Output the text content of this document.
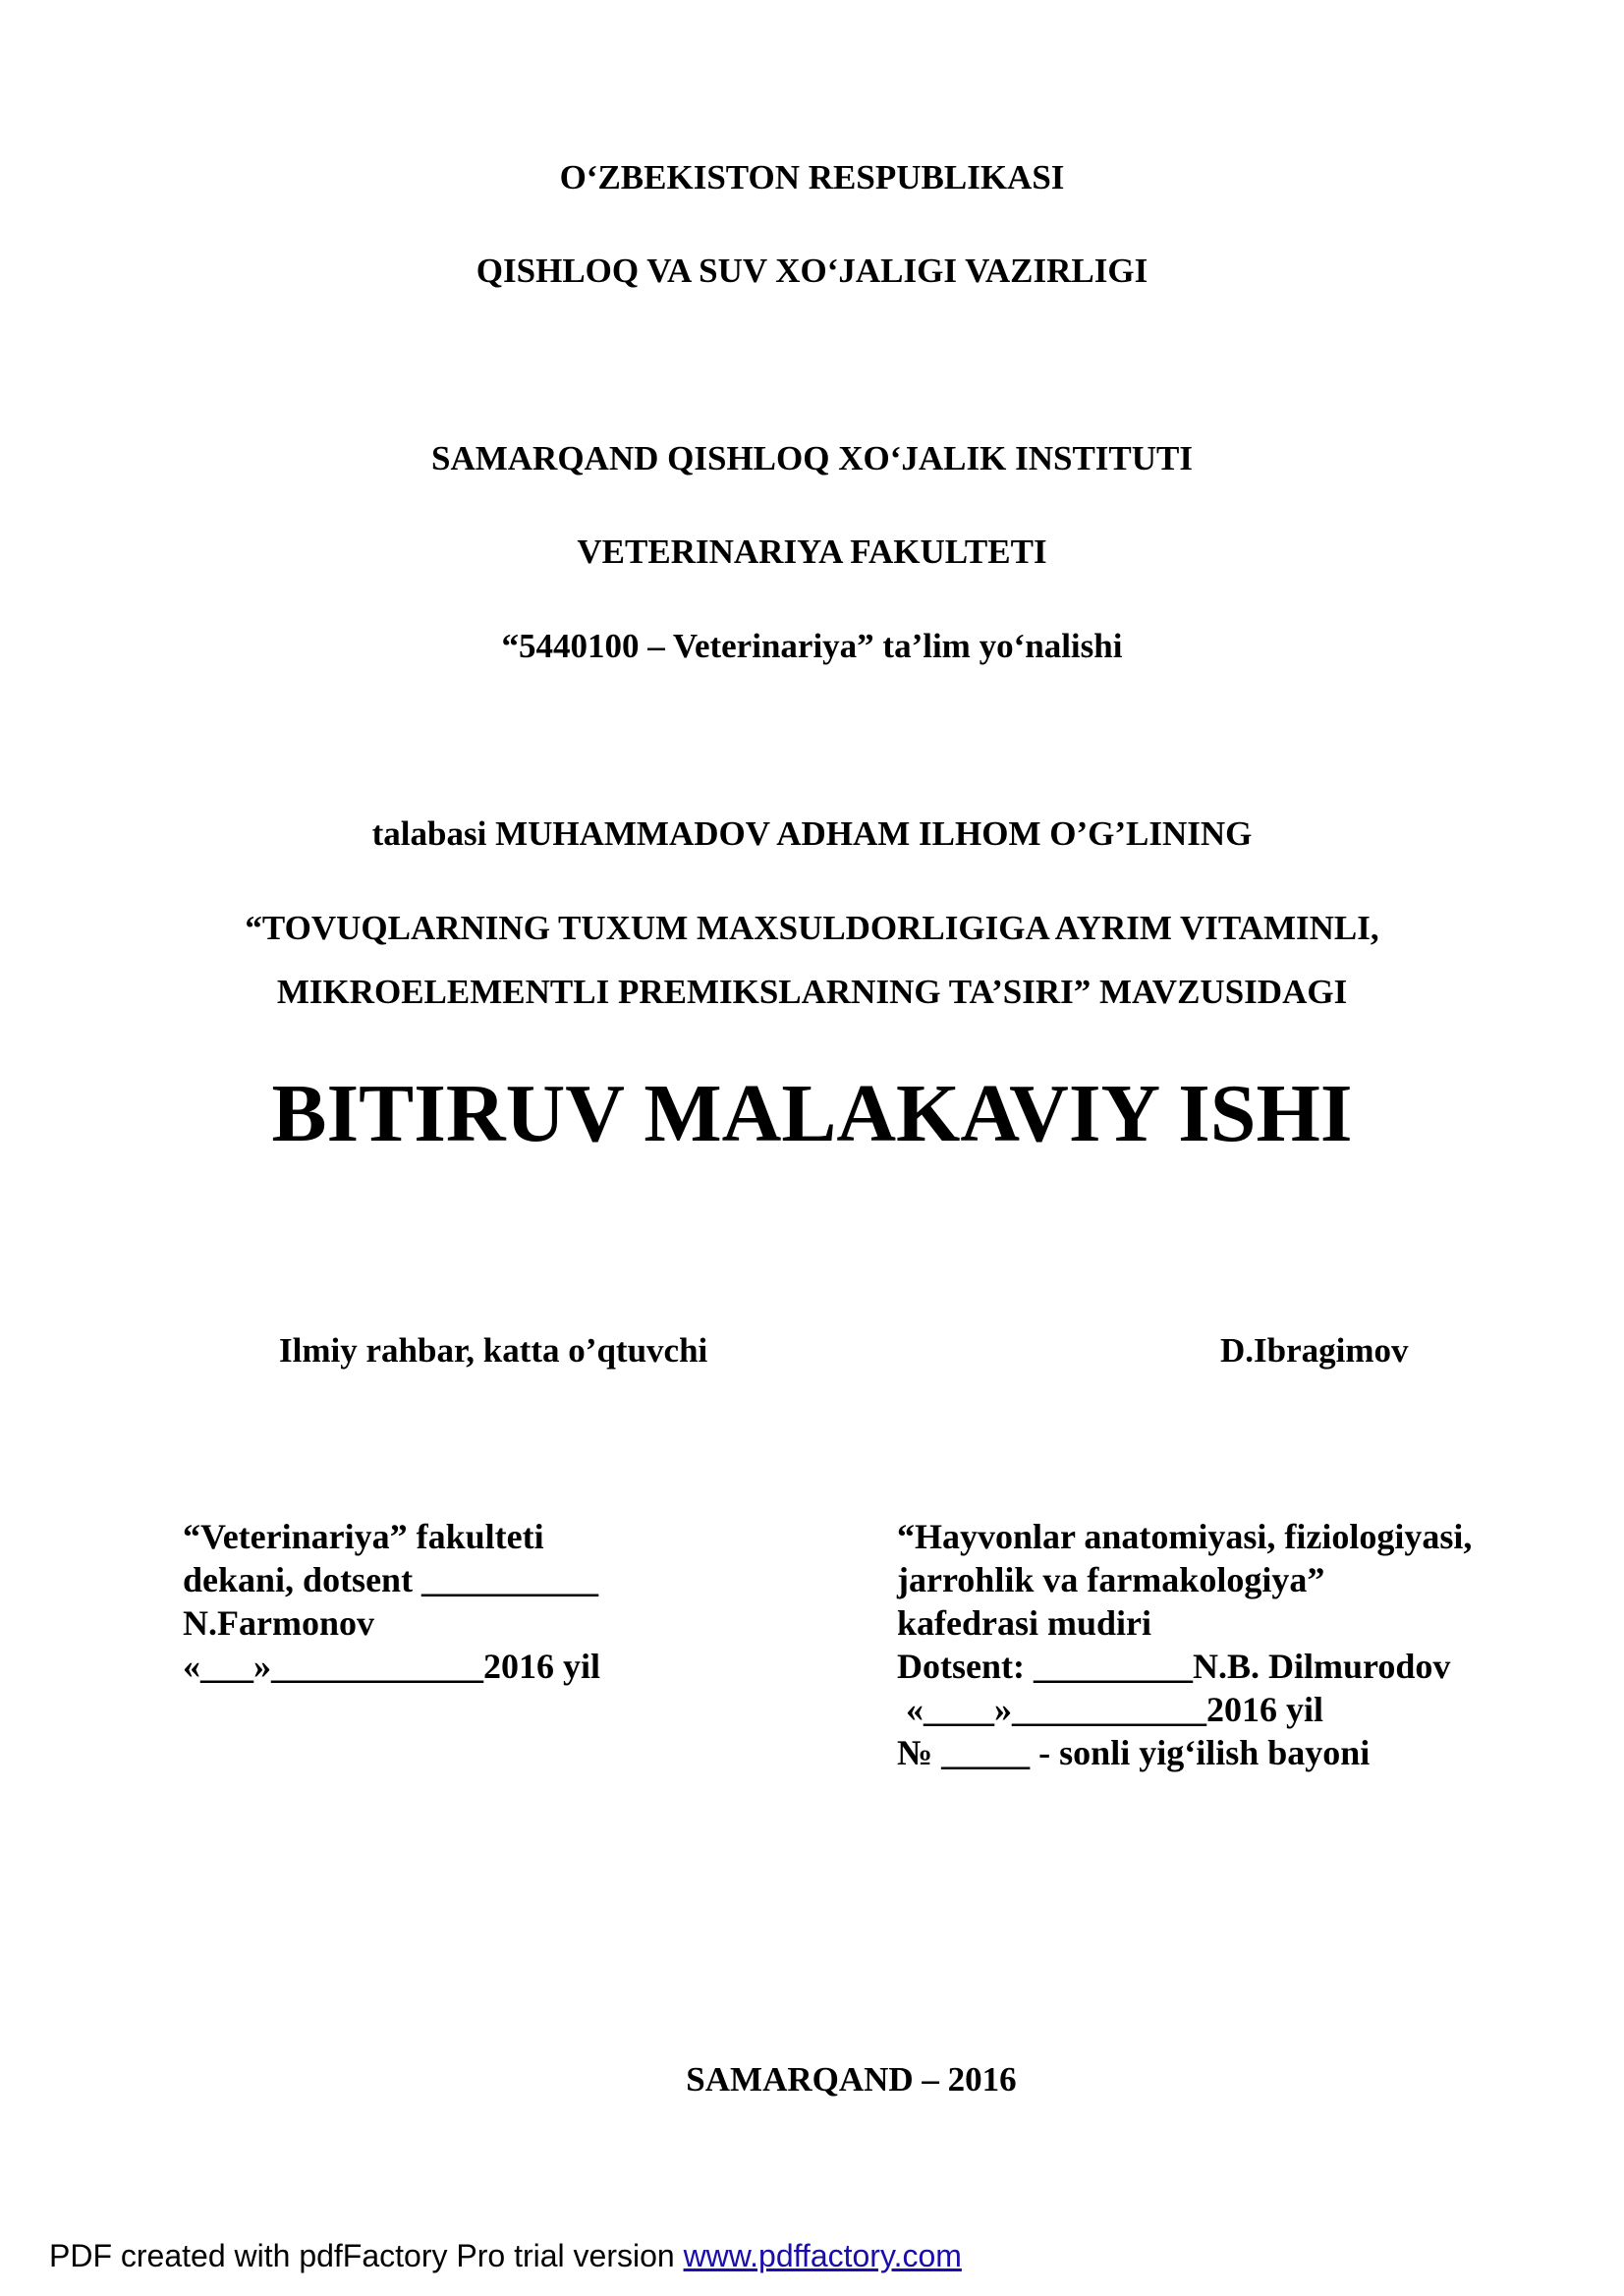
O‘ZBEKISTON RESPUBLIKASI
QISHLOQ VA SUV XO‘JALIGI VAZIRLIGI
SAMARQAND QISHLOQ XO‘JALIK INSTITUTI
VETERINARIYA FAKULTETI
“5440100 – Veterinariya” ta’lim yo‘nalishi
talabasi MUHAMMADOV ADHAM ILHOM O’G’LINING
“TOVUQLARNING TUXUM MAXSULDORLIGIGA AYRIM VITAMINLI,
MIKROELEMENTLI PREMIKSLARNING TA’SIRI” MAVZUSIDAGI
BITIRUV MALAKAVIY ISHI
Ilmiy rahbar, katta o’qtuvchi	D.Ibragimov
“Veterinariya” fakulteti
dekani, dotsent __________
N.Farmonov
«___»____________2016 yil
“Hayvonlar anatomiyasi, fiziologiyasi,
jarrohlik va farmakologiya”
kafedrasi mudiri
Dotsent: _________N.B. Dilmurodov
«____»___________2016 yil
№ _____ - sonli yig‘ilish bayoni
SAMARQAND – 2016
PDF created with pdfFactory Pro trial version www.pdffactory.com
